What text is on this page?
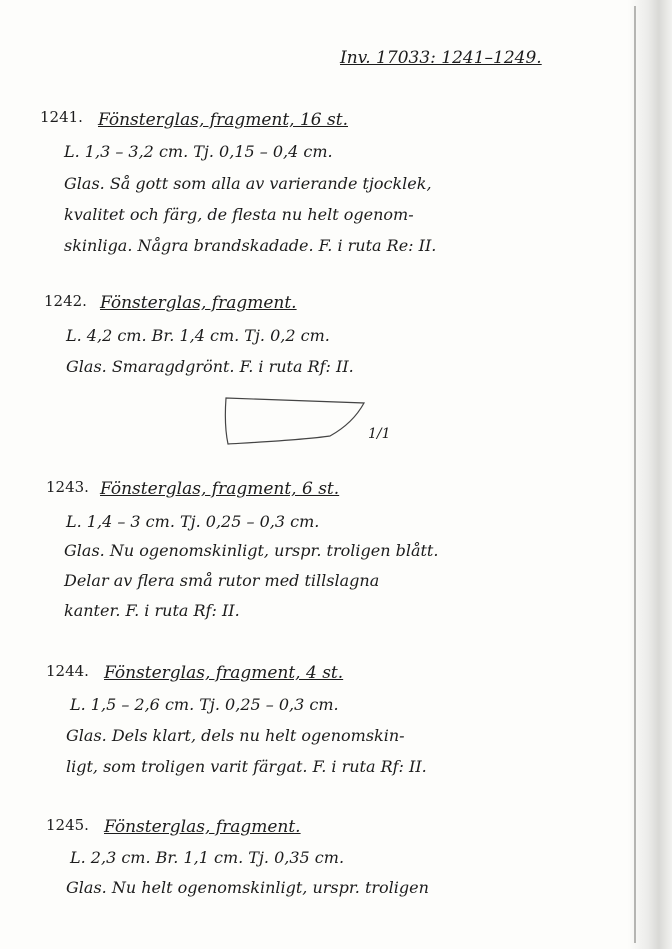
Inv. 17033: 1241–1249.
1241. Fönsterglas, fragment, 16 st.
L. 1,3 – 3,2 cm. Tj. 0,15 – 0,4 cm.
Glas. Så gott som alla av varierande tjocklek,
kvalitet och färg, de flesta nu helt ogenom-
skinliga. Några brandskadade. F. i ruta Re: II.
1242. Fönsterglas, fragment.
L. 4,2 cm. Br. 1,4 cm. Tj. 0,2 cm.
Glas. Smaragdgrönt. F. i ruta Rf: II.
1/1
1243. Fönsterglas, fragment, 6 st.
L. 1,4 – 3 cm. Tj. 0,25 – 0,3 cm.
Glas. Nu ogenomskinligt, urspr. troligen blått.
Delar av flera små rutor med tillslagna
kanter. F. i ruta Rf: II.
1244. Fönsterglas, fragment, 4 st.
L. 1,5 – 2,6 cm. Tj. 0,25 – 0,3 cm.
Glas. Dels klart, dels nu helt ogenomskin-
ligt, som troligen varit färgat. F. i ruta Rf: II.
1245. Fönsterglas, fragment.
L. 2,3 cm. Br. 1,1 cm. Tj. 0,35 cm.
Glas. Nu helt ogenomskinligt, urspr. troligen
